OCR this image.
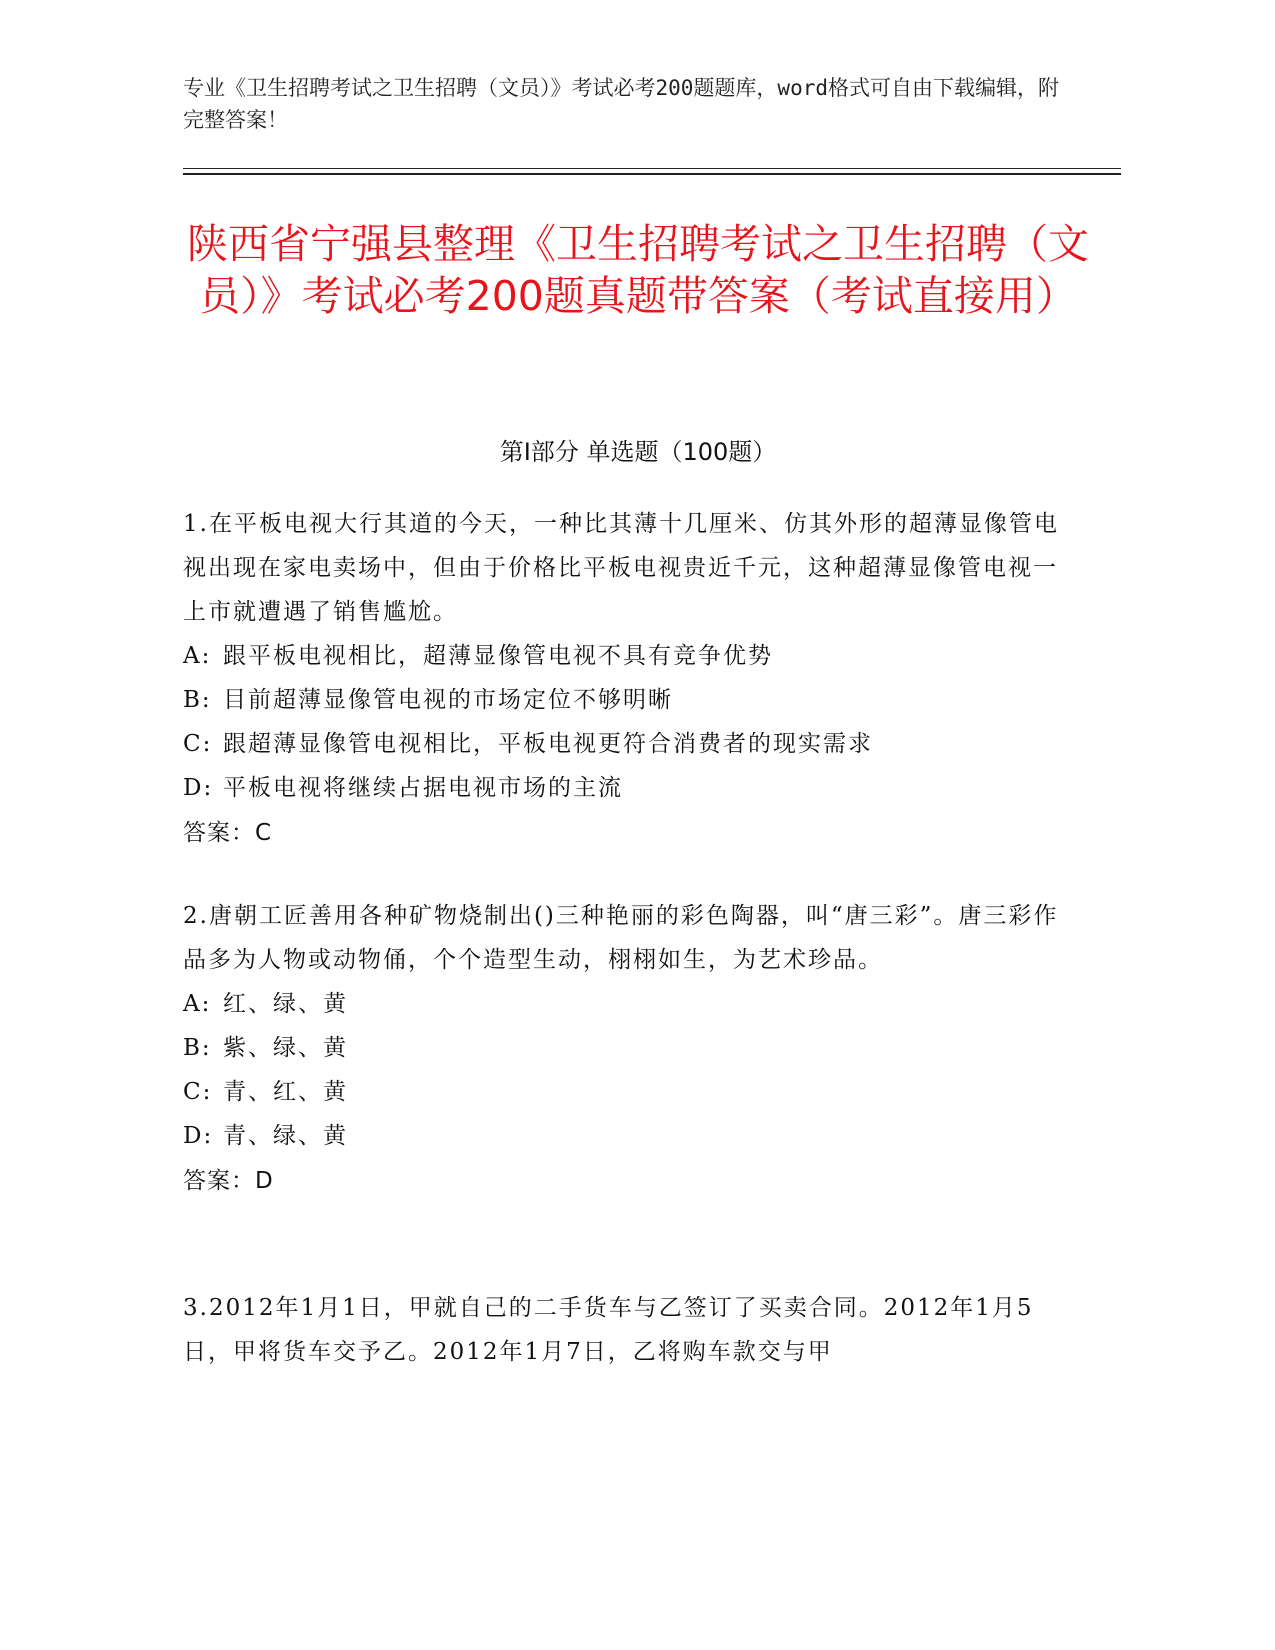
专业《卫生招聘考试之卫生招聘（文员）》考试必考200题题库，word格式可自由下载编辑，附完整答案！
陕西省宁强县整理《卫生招聘考试之卫生招聘（文员）》考试必考200题真题带答案（考试直接用）
第I部分 单选题（100题）
1.在平板电视大行其道的今天，一种比其薄十几厘米、仿其外形的超薄显像管电视出现在家电卖场中，但由于价格比平板电视贵近千元，这种超薄显像管电视一上市就遭遇了销售尴尬。
A: 跟平板电视相比，超薄显像管电视不具有竞争优势
B: 目前超薄显像管电视的市场定位不够明晰
C: 跟超薄显像管电视相比，平板电视更符合消费者的现实需求
D: 平板电视将继续占据电视市场的主流
答案：C
2.唐朝工匠善用各种矿物烧制出()三种艳丽的彩色陶器，叫“唐三彩”。唐三彩作品多为人物或动物俑，个个造型生动，栩栩如生，为艺术珍品。
A: 红、绿、黄
B: 紫、绿、黄
C: 青、红、黄
D: 青、绿、黄
答案：D
3.2012年1月1日，甲就自己的二手货车与乙签订了买卖合同。2012年1月5日，甲将货车交予乙。2012年1月7日，乙将购车款交与甲
